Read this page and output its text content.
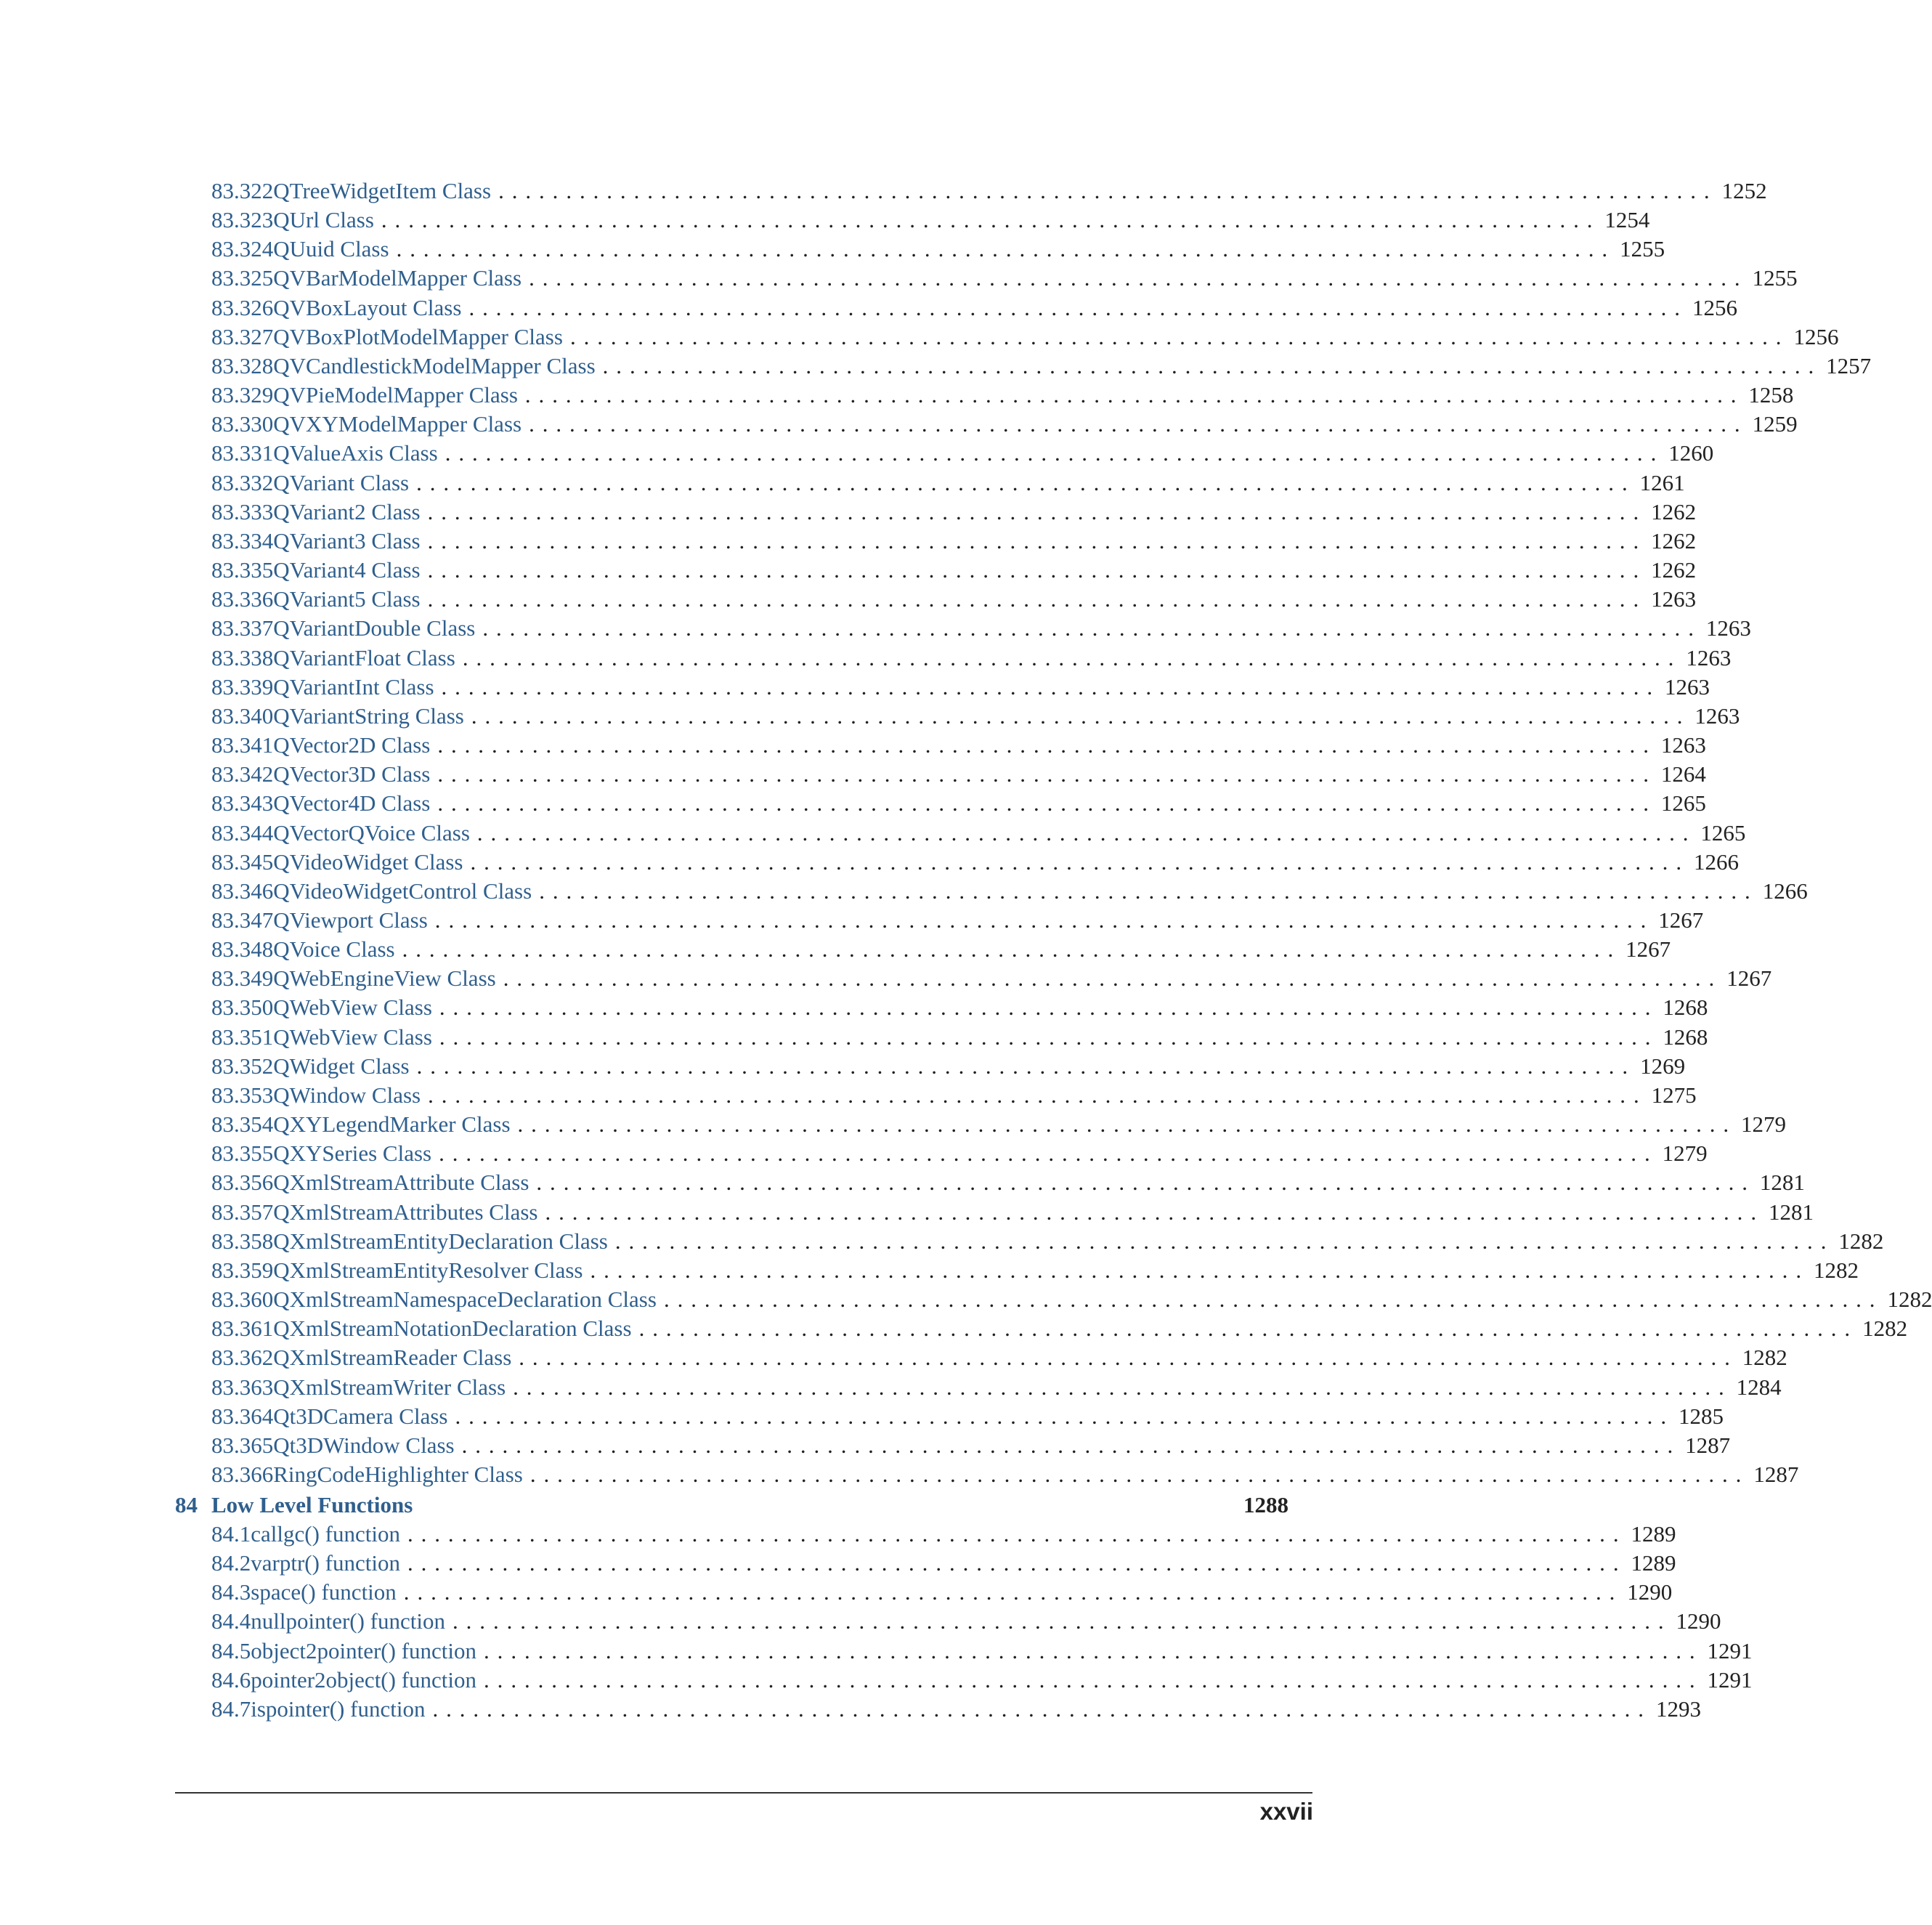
83.322 QTreeWidgetItem Class .......................................................................................... 1252
83.323 QUrl Class .......................................................................................... 1254
83.324 QUuid Class .......................................................................................... 1255
83.325 QVBarModelMapper Class .......................................................................................... 1255
83.326 QVBoxLayout Class .......................................................................................... 1256
83.327 QVBoxPlotModelMapper Class .......................................................................................... 1256
83.328 QVCandlestickModelMapper Class .......................................................................................... 1257
83.329 QVPieModelMapper Class .......................................................................................... 1258
83.330 QVXYModelMapper Class .......................................................................................... 1259
83.331 QValueAxis Class .......................................................................................... 1260
83.332 QVariant Class .......................................................................................... 1261
83.333 QVariant2 Class .......................................................................................... 1262
83.334 QVariant3 Class .......................................................................................... 1262
83.335 QVariant4 Class .......................................................................................... 1262
83.336 QVariant5 Class .......................................................................................... 1263
83.337 QVariantDouble Class .......................................................................................... 1263
83.338 QVariantFloat Class .......................................................................................... 1263
83.339 QVariantInt Class .......................................................................................... 1263
83.340 QVariantString Class .......................................................................................... 1263
83.341 QVector2D Class .......................................................................................... 1263
83.342 QVector3D Class .......................................................................................... 1264
83.343 QVector4D Class .......................................................................................... 1265
83.344 QVectorQVoice Class .......................................................................................... 1265
83.345 QVideoWidget Class .......................................................................................... 1266
83.346 QVideoWidgetControl Class .......................................................................................... 1266
83.347 QViewport Class .......................................................................................... 1267
83.348 QVoice Class .......................................................................................... 1267
83.349 QWebEngineView Class .......................................................................................... 1267
83.350 QWebView Class .......................................................................................... 1268
83.351 QWebView Class .......................................................................................... 1268
83.352 QWidget Class .......................................................................................... 1269
83.353 QWindow Class .......................................................................................... 1275
83.354 QXYLegendMarker Class .......................................................................................... 1279
83.355 QXYSeries Class .......................................................................................... 1279
83.356 QXmlStreamAttribute Class .......................................................................................... 1281
83.357 QXmlStreamAttributes Class .......................................................................................... 1281
83.358 QXmlStreamEntityDeclaration Class .......................................................................................... 1282
83.359 QXmlStreamEntityResolver Class .......................................................................................... 1282
83.360 QXmlStreamNamespaceDeclaration Class .......................................................................................... 1282
83.361 QXmlStreamNotationDeclaration Class .......................................................................................... 1282
83.362 QXmlStreamReader Class .......................................................................................... 1282
83.363 QXmlStreamWriter Class .......................................................................................... 1284
83.364 Qt3DCamera Class .......................................................................................... 1285
83.365 Qt3DWindow Class .......................................................................................... 1287
83.366 RingCodeHighlighter Class .......................................................................................... 1287
84 Low Level Functions	1288
84.1 callgc() function .......................................................................................... 1289
84.2 varptr() function .......................................................................................... 1289
84.3 space() function .......................................................................................... 1290
84.4 nullpointer() function .......................................................................................... 1290
84.5 object2pointer() function .......................................................................................... 1291
84.6 pointer2object() function .......................................................................................... 1291
84.7 ispointer() function .......................................................................................... 1293
xxvii
